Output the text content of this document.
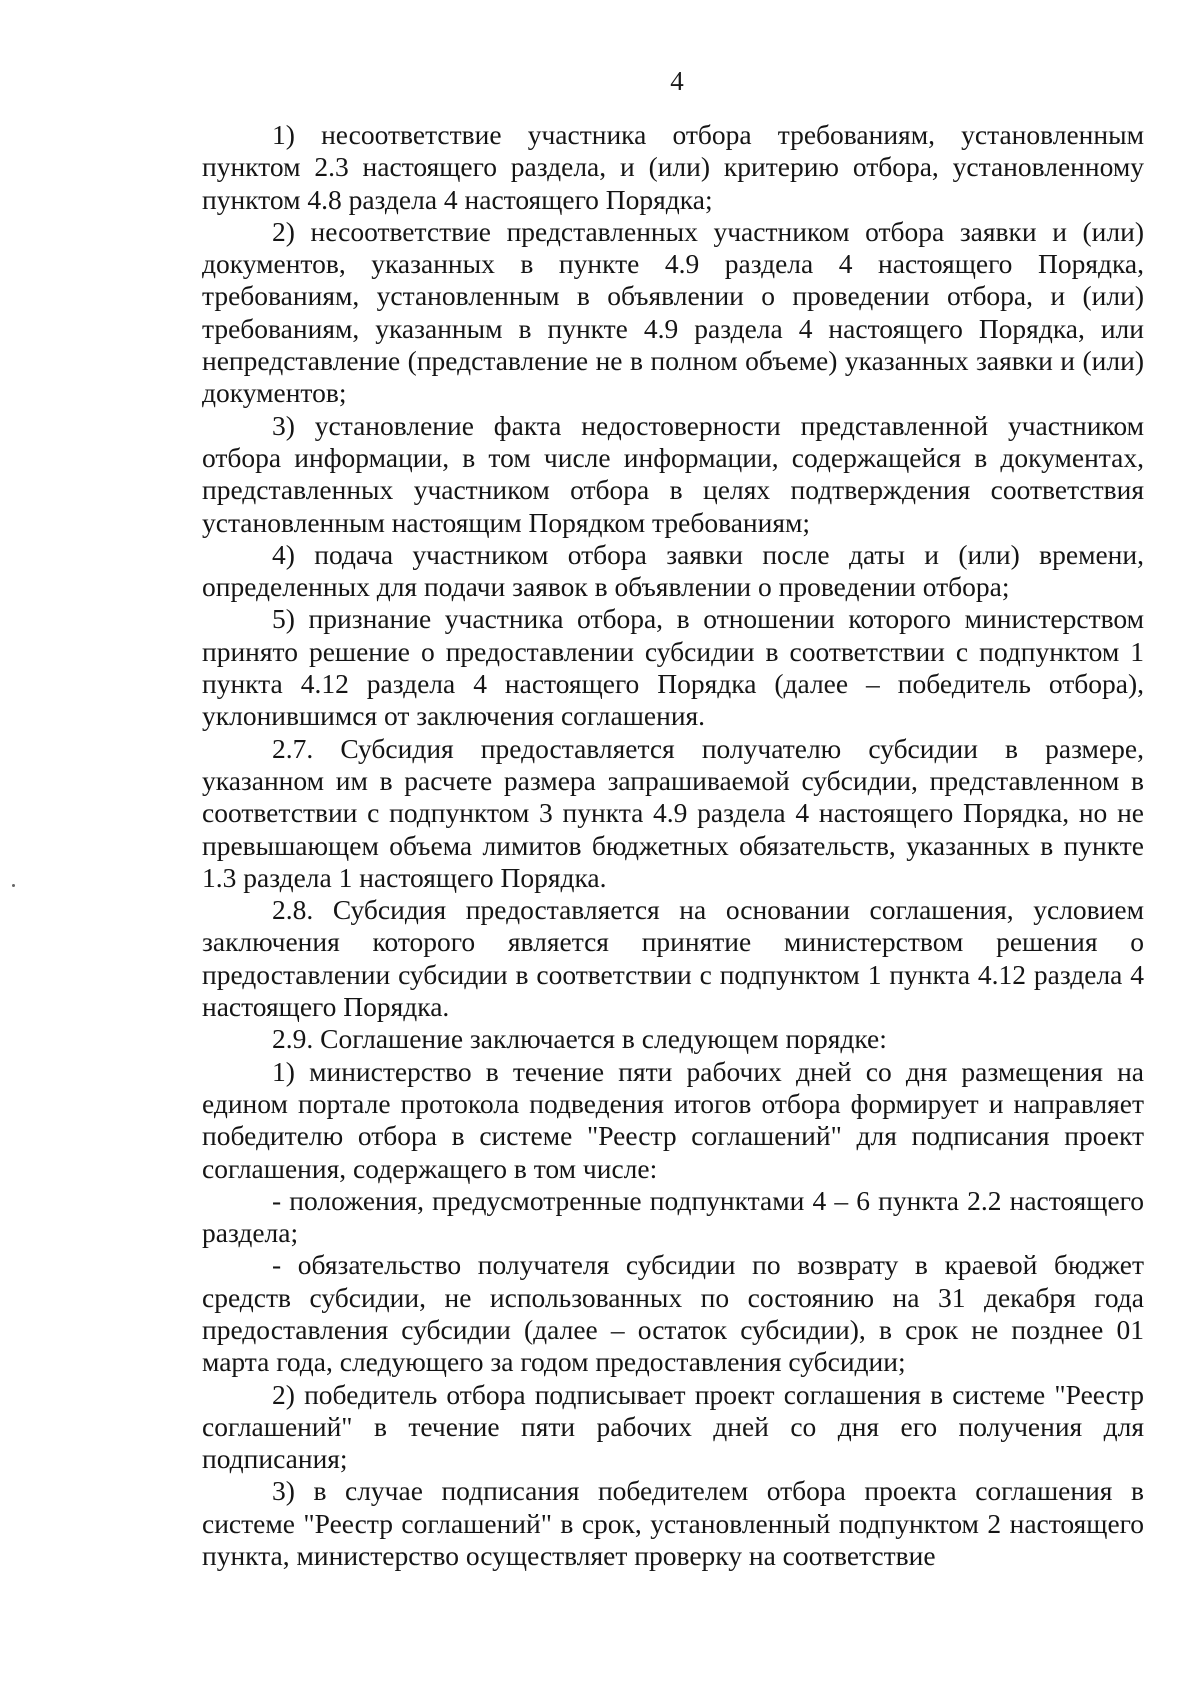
4

1) несоответствие участника отбора требованиям, установленным пунктом 2.3 настоящего раздела, и (или) критерию отбора, установленному пунктом 4.8 раздела 4 настоящего Порядка;

2) несоответствие представленных участником отбора заявки и (или) документов, указанных в пункте 4.9 раздела 4 настоящего Порядка, требованиям, установленным в объявлении о проведении отбора, и (или) требованиям, указанным в пункте 4.9 раздела 4 настоящего Порядка, или непредставление (представление не в полном объеме) указанных заявки и (или) документов;

3) установление факта недостоверности представленной участником отбора информации, в том числе информации, содержащейся в документах, представленных участником отбора в целях подтверждения соответствия установленным настоящим Порядком требованиям;

4) подача участником отбора заявки после даты и (или) времени, определенных для подачи заявок в объявлении о проведении отбора;

5) признание участника отбора, в отношении которого министерством принято решение о предоставлении субсидии в соответствии с подпунктом 1 пункта 4.12 раздела 4 настоящего Порядка (далее – победитель отбора), уклонившимся от заключения соглашения.

2.7. Субсидия предоставляется получателю субсидии в размере, указанном им в расчете размера запрашиваемой субсидии, представленном в соответствии с подпунктом 3 пункта 4.9 раздела 4 настоящего Порядка, но не превышающем объема лимитов бюджетных обязательств, указанных в пункте 1.3 раздела 1 настоящего Порядка.

2.8. Субсидия предоставляется на основании соглашения, условием заключения которого является принятие министерством решения о предоставлении субсидии в соответствии с подпунктом 1 пункта 4.12 раздела 4 настоящего Порядка.

2.9. Соглашение заключается в следующем порядке:

1) министерство в течение пяти рабочих дней со дня размещения на едином портале протокола подведения итогов отбора формирует и направляет победителю отбора в системе "Реестр соглашений" для подписания проект соглашения, содержащего в том числе:

- положения, предусмотренные подпунктами 4 – 6 пункта 2.2 настоящего раздела;

- обязательство получателя субсидии по возврату в краевой бюджет средств субсидии, не использованных по состоянию на 31 декабря года предоставления субсидии (далее – остаток субсидии), в срок не позднее 01 марта года, следующего за годом предоставления субсидии;

2) победитель отбора подписывает проект соглашения в системе "Реестр соглашений" в течение пяти рабочих дней со дня его получения для подписания;

3) в случае подписания победителем отбора проекта соглашения в системе "Реестр соглашений" в срок, установленный подпунктом 2 настоящего пункта, министерство осуществляет проверку на соответствие
